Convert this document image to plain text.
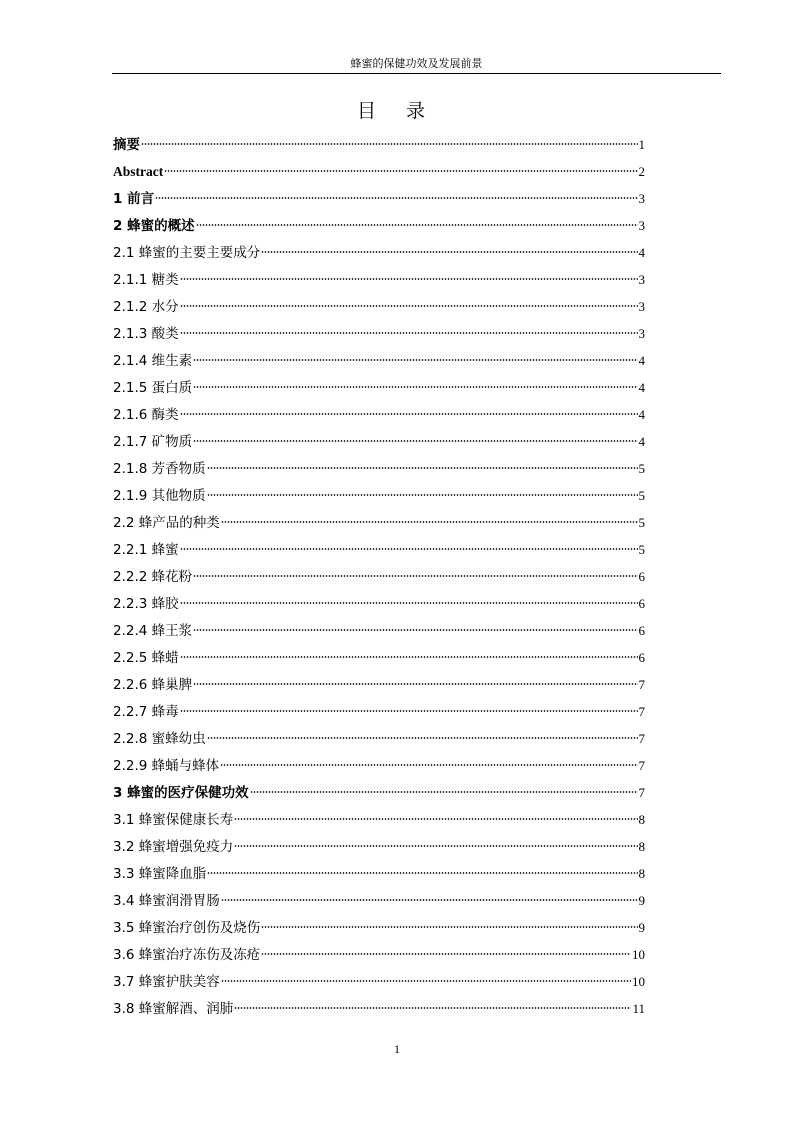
蜂蜜的保健功效及发展前景
目 录
摘要	1
Abstract	2
1 前言	3
2 蜂蜜的概述	3
2.1 蜂蜜的主要主要成分	4
2.1.1 糖类	3
2.1.2 水分	3
2.1.3 酸类	3
2.1.4 维生素	4
2.1.5 蛋白质	4
2.1.6 酶类	4
2.1.7 矿物质	4
2.1.8 芳香物质	5
2.1.9 其他物质	5
2.2 蜂产品的种类	5
2.2.1 蜂蜜	5
2.2.2 蜂花粉	6
2.2.3 蜂胶	6
2.2.4 蜂王浆	6
2.2.5 蜂蜡	6
2.2.6 蜂巢脾	7
2.2.7 蜂毒	7
2.2.8 蜜蜂幼虫	7
2.2.9 蜂蛹与蜂体	7
3 蜂蜜的医疗保健功效	7
3.1 蜂蜜保健康长寿	8
3.2 蜂蜜增强免疫力	8
3.3 蜂蜜降血脂	8
3.4 蜂蜜润滑胃肠	9
3.5 蜂蜜治疗创伤及烧伤	9
3.6 蜂蜜治疗冻伤及冻疮	10
3.7 蜂蜜护肤美容	10
3.8 蜂蜜解酒、润肺	11
1
